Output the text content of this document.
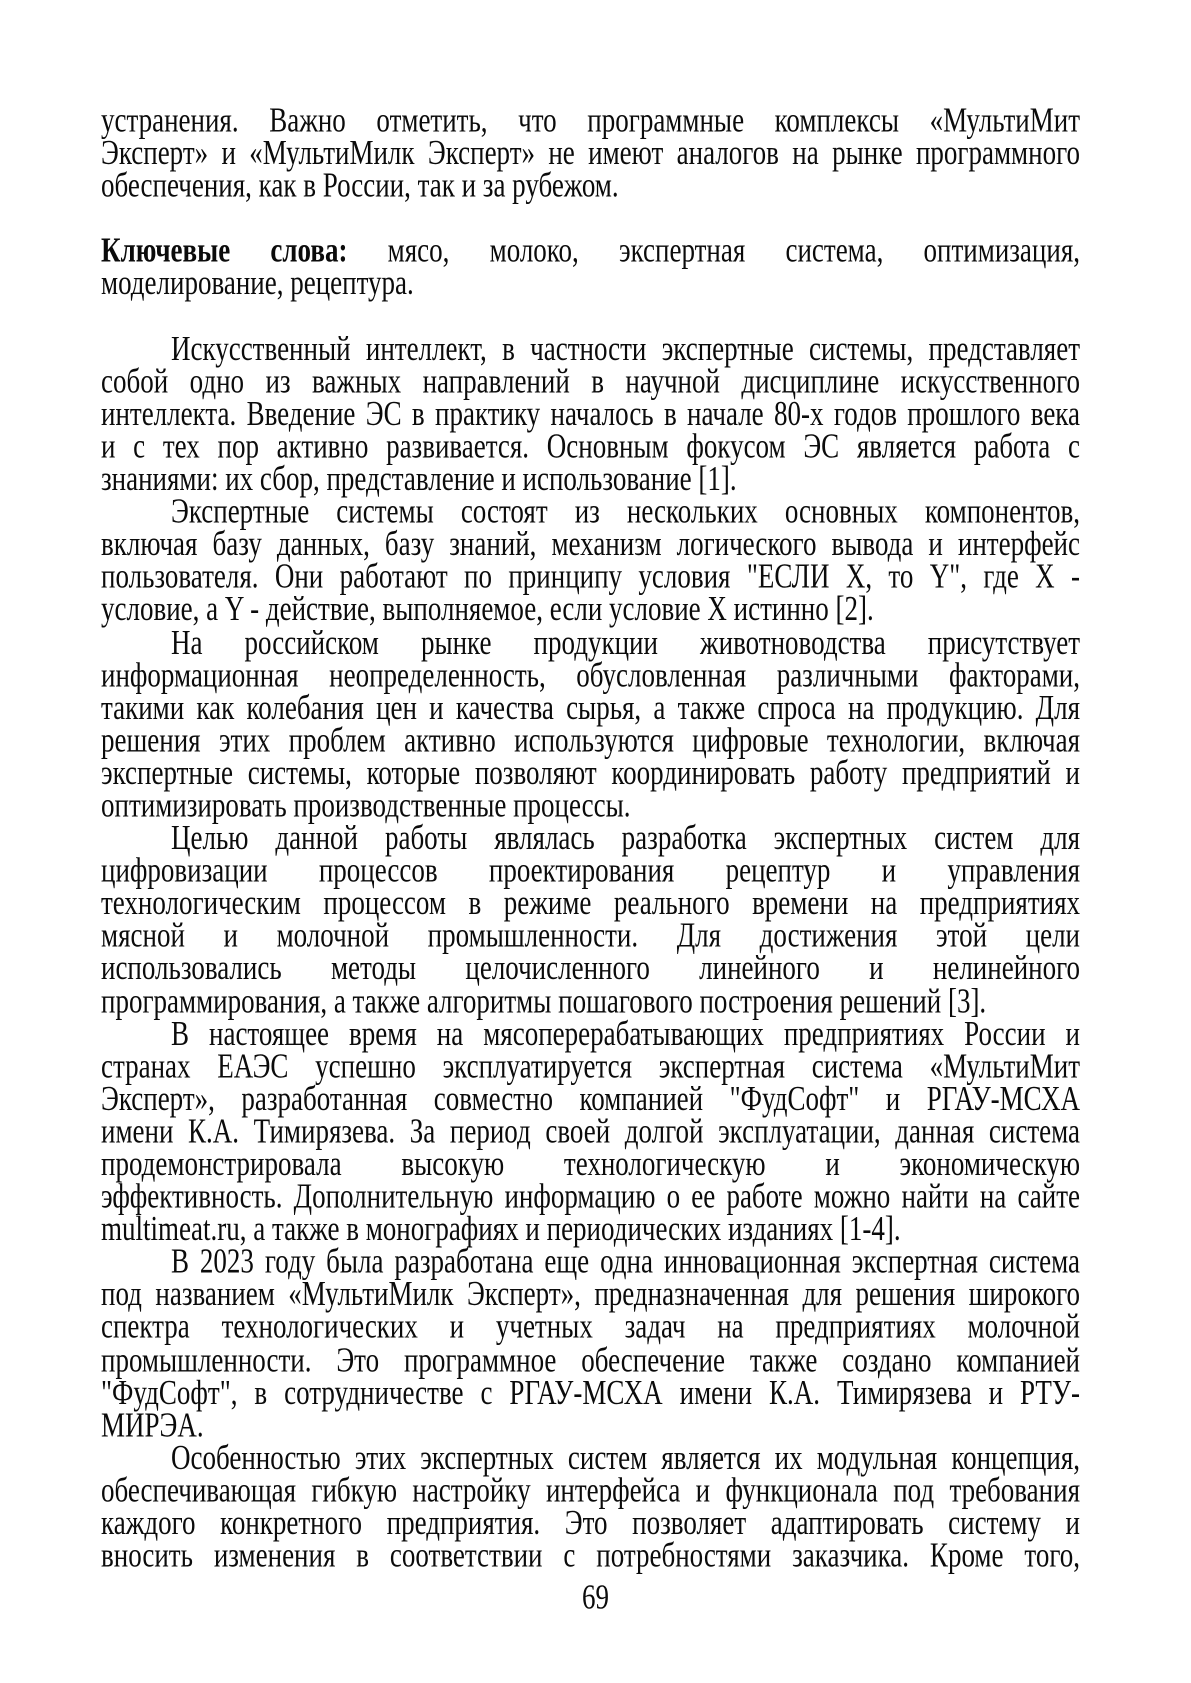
устранения. Важно отметить, что программные комплексы «МультиМит
Эксперт» и «МультиМилк Эксперт» не имеют аналогов на рынке программного
обеспечения, как в России, так и за рубежом.
Ключевые слова: мясо, молоко, экспертная система, оптимизация,
моделирование, рецептура.
Искусственный интеллект, в частности экспертные системы, представляет
собой одно из важных направлений в научной дисциплине искусственного
интеллекта. Введение ЭС в практику началось в начале 80-х годов прошлого века
и с тех пор активно развивается. Основным фокусом ЭС является работа с
знаниями: их сбор, представление и использование [1].
Экспертные системы состоят из нескольких основных компонентов,
включая базу данных, базу знаний, механизм логического вывода и интерфейс
пользователя. Они работают по принципу условия "ЕСЛИ X, то Y", где X -
условие, а Y - действие, выполняемое, если условие X истинно [2].
На российском рынке продукции животноводства присутствует
информационная неопределенность, обусловленная различными факторами,
такими как колебания цен и качества сырья, а также спроса на продукцию. Для
решения этих проблем активно используются цифровые технологии, включая
экспертные системы, которые позволяют координировать работу предприятий и
оптимизировать производственные процессы.
Целью данной работы являлась разработка экспертных систем для
цифровизации процессов проектирования рецептур и управления
технологическим процессом в режиме реального времени на предприятиях
мясной и молочной промышленности. Для достижения этой цели
использовались методы целочисленного линейного и нелинейного
программирования, а также алгоритмы пошагового построения решений [3].
В настоящее время на мясоперерабатывающих предприятиях России и
странах ЕАЭС успешно эксплуатируется экспертная система «МультиМит
Эксперт», разработанная совместно компанией "ФудСофт" и РГАУ-МСХА
имени К.А. Тимирязева. За период своей долгой эксплуатации, данная система
продемонстрировала высокую технологическую и экономическую
эффективность. Дополнительную информацию о ее работе можно найти на сайте
multimeat.ru, а также в монографиях и периодических изданиях [1-4].
В 2023 году была разработана еще одна инновационная экспертная система
под названием «МультиМилк Эксперт», предназначенная для решения широкого
спектра технологических и учетных задач на предприятиях молочной
промышленности. Это программное обеспечение также создано компанией
"ФудСофт", в сотрудничестве с РГАУ-МСХА имени К.А. Тимирязева и РТУ-
МИРЭА.
Особенностью этих экспертных систем является их модульная концепция,
обеспечивающая гибкую настройку интерфейса и функционала под требования
каждого конкретного предприятия. Это позволяет адаптировать систему и
вносить изменения в соответствии с потребностями заказчика. Кроме того,
69
